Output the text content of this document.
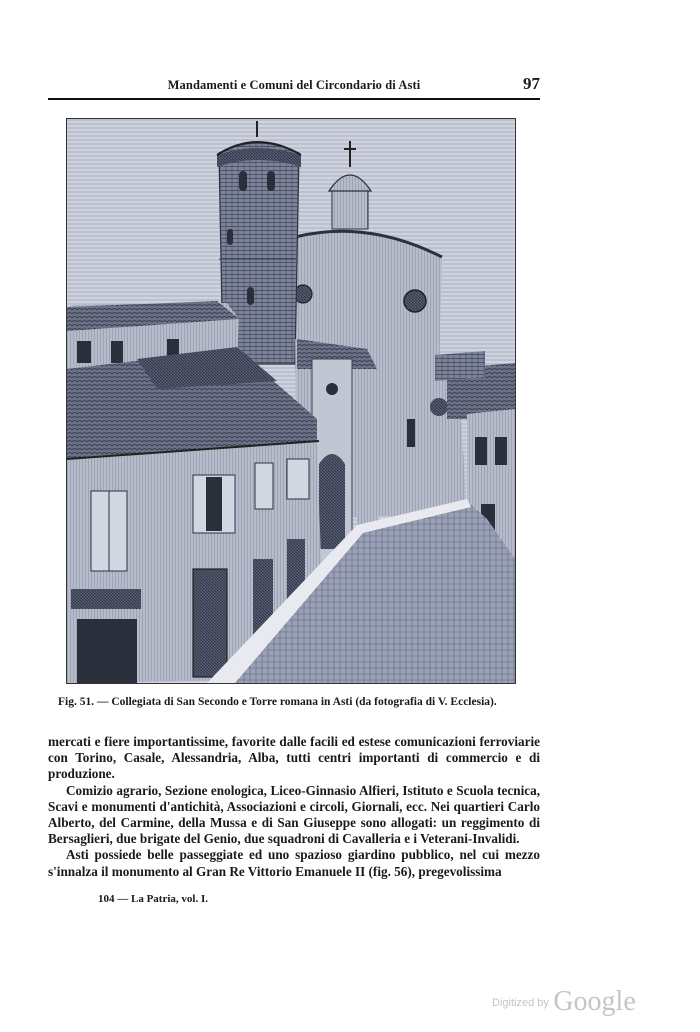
Mandamenti e Comuni del Circondario di Asti	97
Fig. 51. — Collegiata di San Secondo e Torre romana in Asti (da fotografia di V. Ecclesia).

mercati e fiere importantissime, favorite dalle facili ed estese comunicazioni ferroviarie con Torino, Casale, Alessandria, Alba, tutti centri importanti di commercio e di produzione.

Comizio agrario, Sezione enologica, Liceo-Ginnasio Alfieri, Istituto e Scuola tecnica, Scavi e monumenti d'antichità, Associazioni e circoli, Giornali, ecc. Nei quartieri Carlo Alberto, del Carmine, della Mussa e di San Giuseppe sono allogati: un reggimento di Bersaglieri, due brigate del Genio, due squadroni di Cavalleria e i Veterani-Invalidi.

Asti possiede belle passeggiate ed uno spazioso giardino pubblico, nel cui mezzo s'innalza il monumento al Gran Re Vittorio Emanuele II (fig. 56), pregevolissima

104 — La Patria, vol. I.
$^{Digitized by}$ Google
